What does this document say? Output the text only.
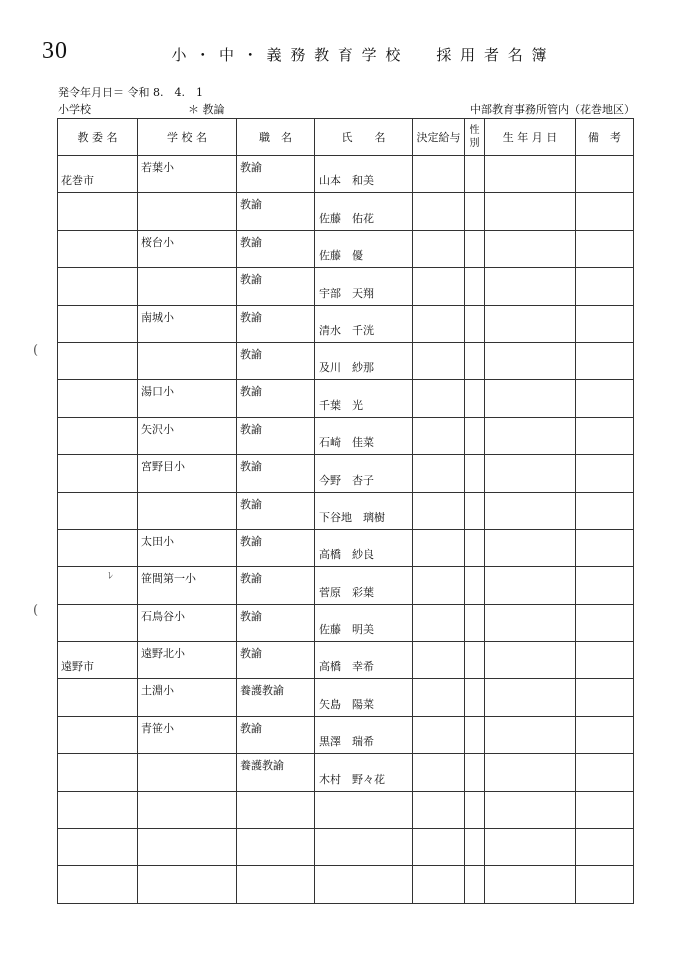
30	小 ・ 中 ・ 義 務 教 育 学 校　　採 用 者 名 簿
発令年月日＝ 令和 8.　4.　1
小学校	＊ 教論	中部教育事務所管内（花巻地区）
教 委 名	学 校 名	職　名	氏　　名	決定給与	性別	生 年 月 日	備　考

花巻市	若葉小	教諭	山本　和美				

		教諭	佐藤　佑花				

	桜台小	教諭	佐藤　優				

		教諭	宇部　天翔				

	南城小	教諭	清水　千洸				

		教諭	及川　紗那				

	湯口小	教諭	千葉　光				

	矢沢小	教諭	石崎　佳菜				

	宮野目小	教諭	今野　杏子				

		教諭	下谷地　璃樹				

	太田小	教諭	高橋　紗良				

	笹間第一小	教諭	菅原　彩葉				

	石鳥谷小	教諭	佐藤　明美				

遠野市	遠野北小	教諭	高橋　幸希				

	土淵小	養護教諭	矢島　陽菜				

	青笹小	教諭	黒澤　瑞希				

		養護教諭	木村　野々花				

(
(
ﾚ
